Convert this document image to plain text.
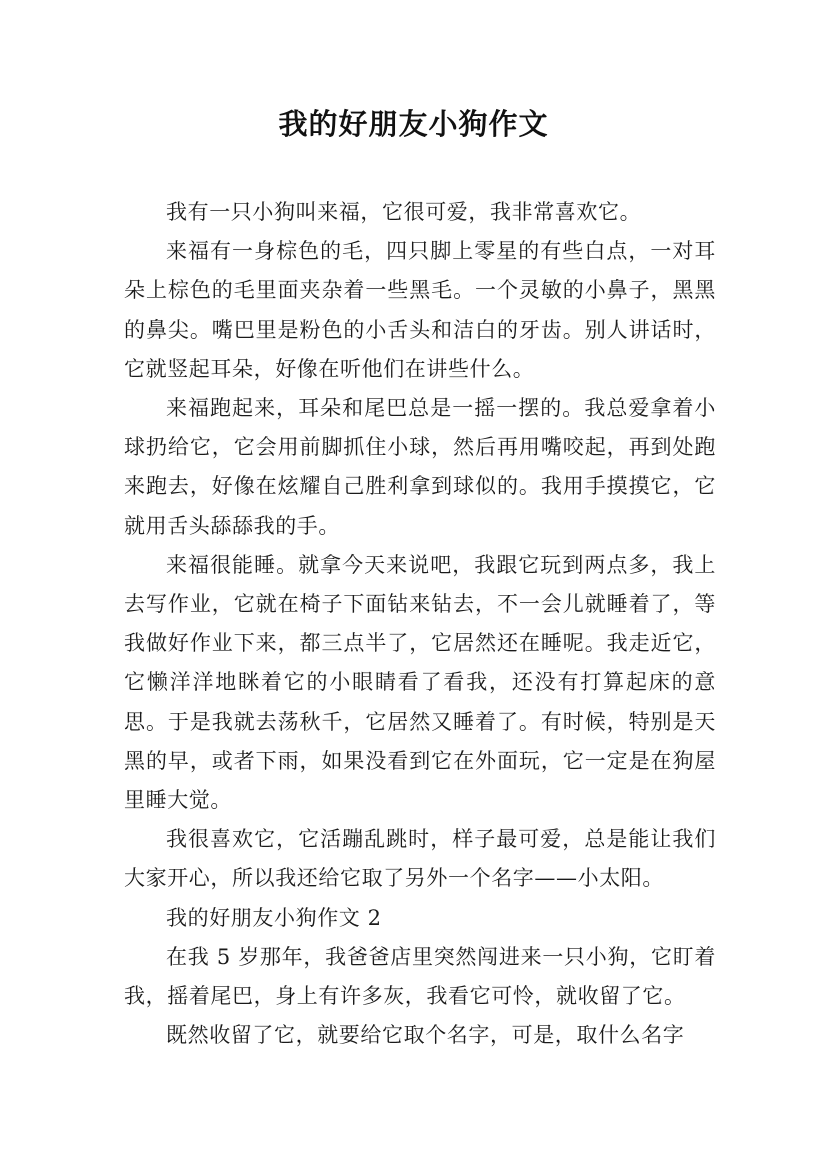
我的好朋友小狗作文

我有一只小狗叫来福，它很可爱，我非常喜欢它。

来福有一身棕色的毛，四只脚上零星的有些白点，一对耳朵上棕色的毛里面夹杂着一些黑毛。一个灵敏的小鼻子，黑黑的鼻尖。嘴巴里是粉色的小舌头和洁白的牙齿。别人讲话时，它就竖起耳朵，好像在听他们在讲些什么。

来福跑起来，耳朵和尾巴总是一摇一摆的。我总爱拿着小球扔给它，它会用前脚抓住小球，然后再用嘴咬起，再到处跑来跑去，好像在炫耀自己胜利拿到球似的。我用手摸摸它，它就用舌头舔舔我的手。

来福很能睡。就拿今天来说吧，我跟它玩到两点多，我上去写作业，它就在椅子下面钻来钻去，不一会儿就睡着了，等我做好作业下来，都三点半了，它居然还在睡呢。我走近它，它懒洋洋地眯着它的小眼睛看了看我，还没有打算起床的意思。于是我就去荡秋千，它居然又睡着了。有时候，特别是天黑的早，或者下雨，如果没看到它在外面玩，它一定是在狗屋里睡大觉。

我很喜欢它，它活蹦乱跳时，样子最可爱，总是能让我们大家开心，所以我还给它取了另外一个名字——小太阳。

我的好朋友小狗作文 2

在我 5 岁那年，我爸爸店里突然闯进来一只小狗，它盯着我，摇着尾巴，身上有许多灰，我看它可怜，就收留了它。

既然收留了它，就要给它取个名字，可是，取什么名字
